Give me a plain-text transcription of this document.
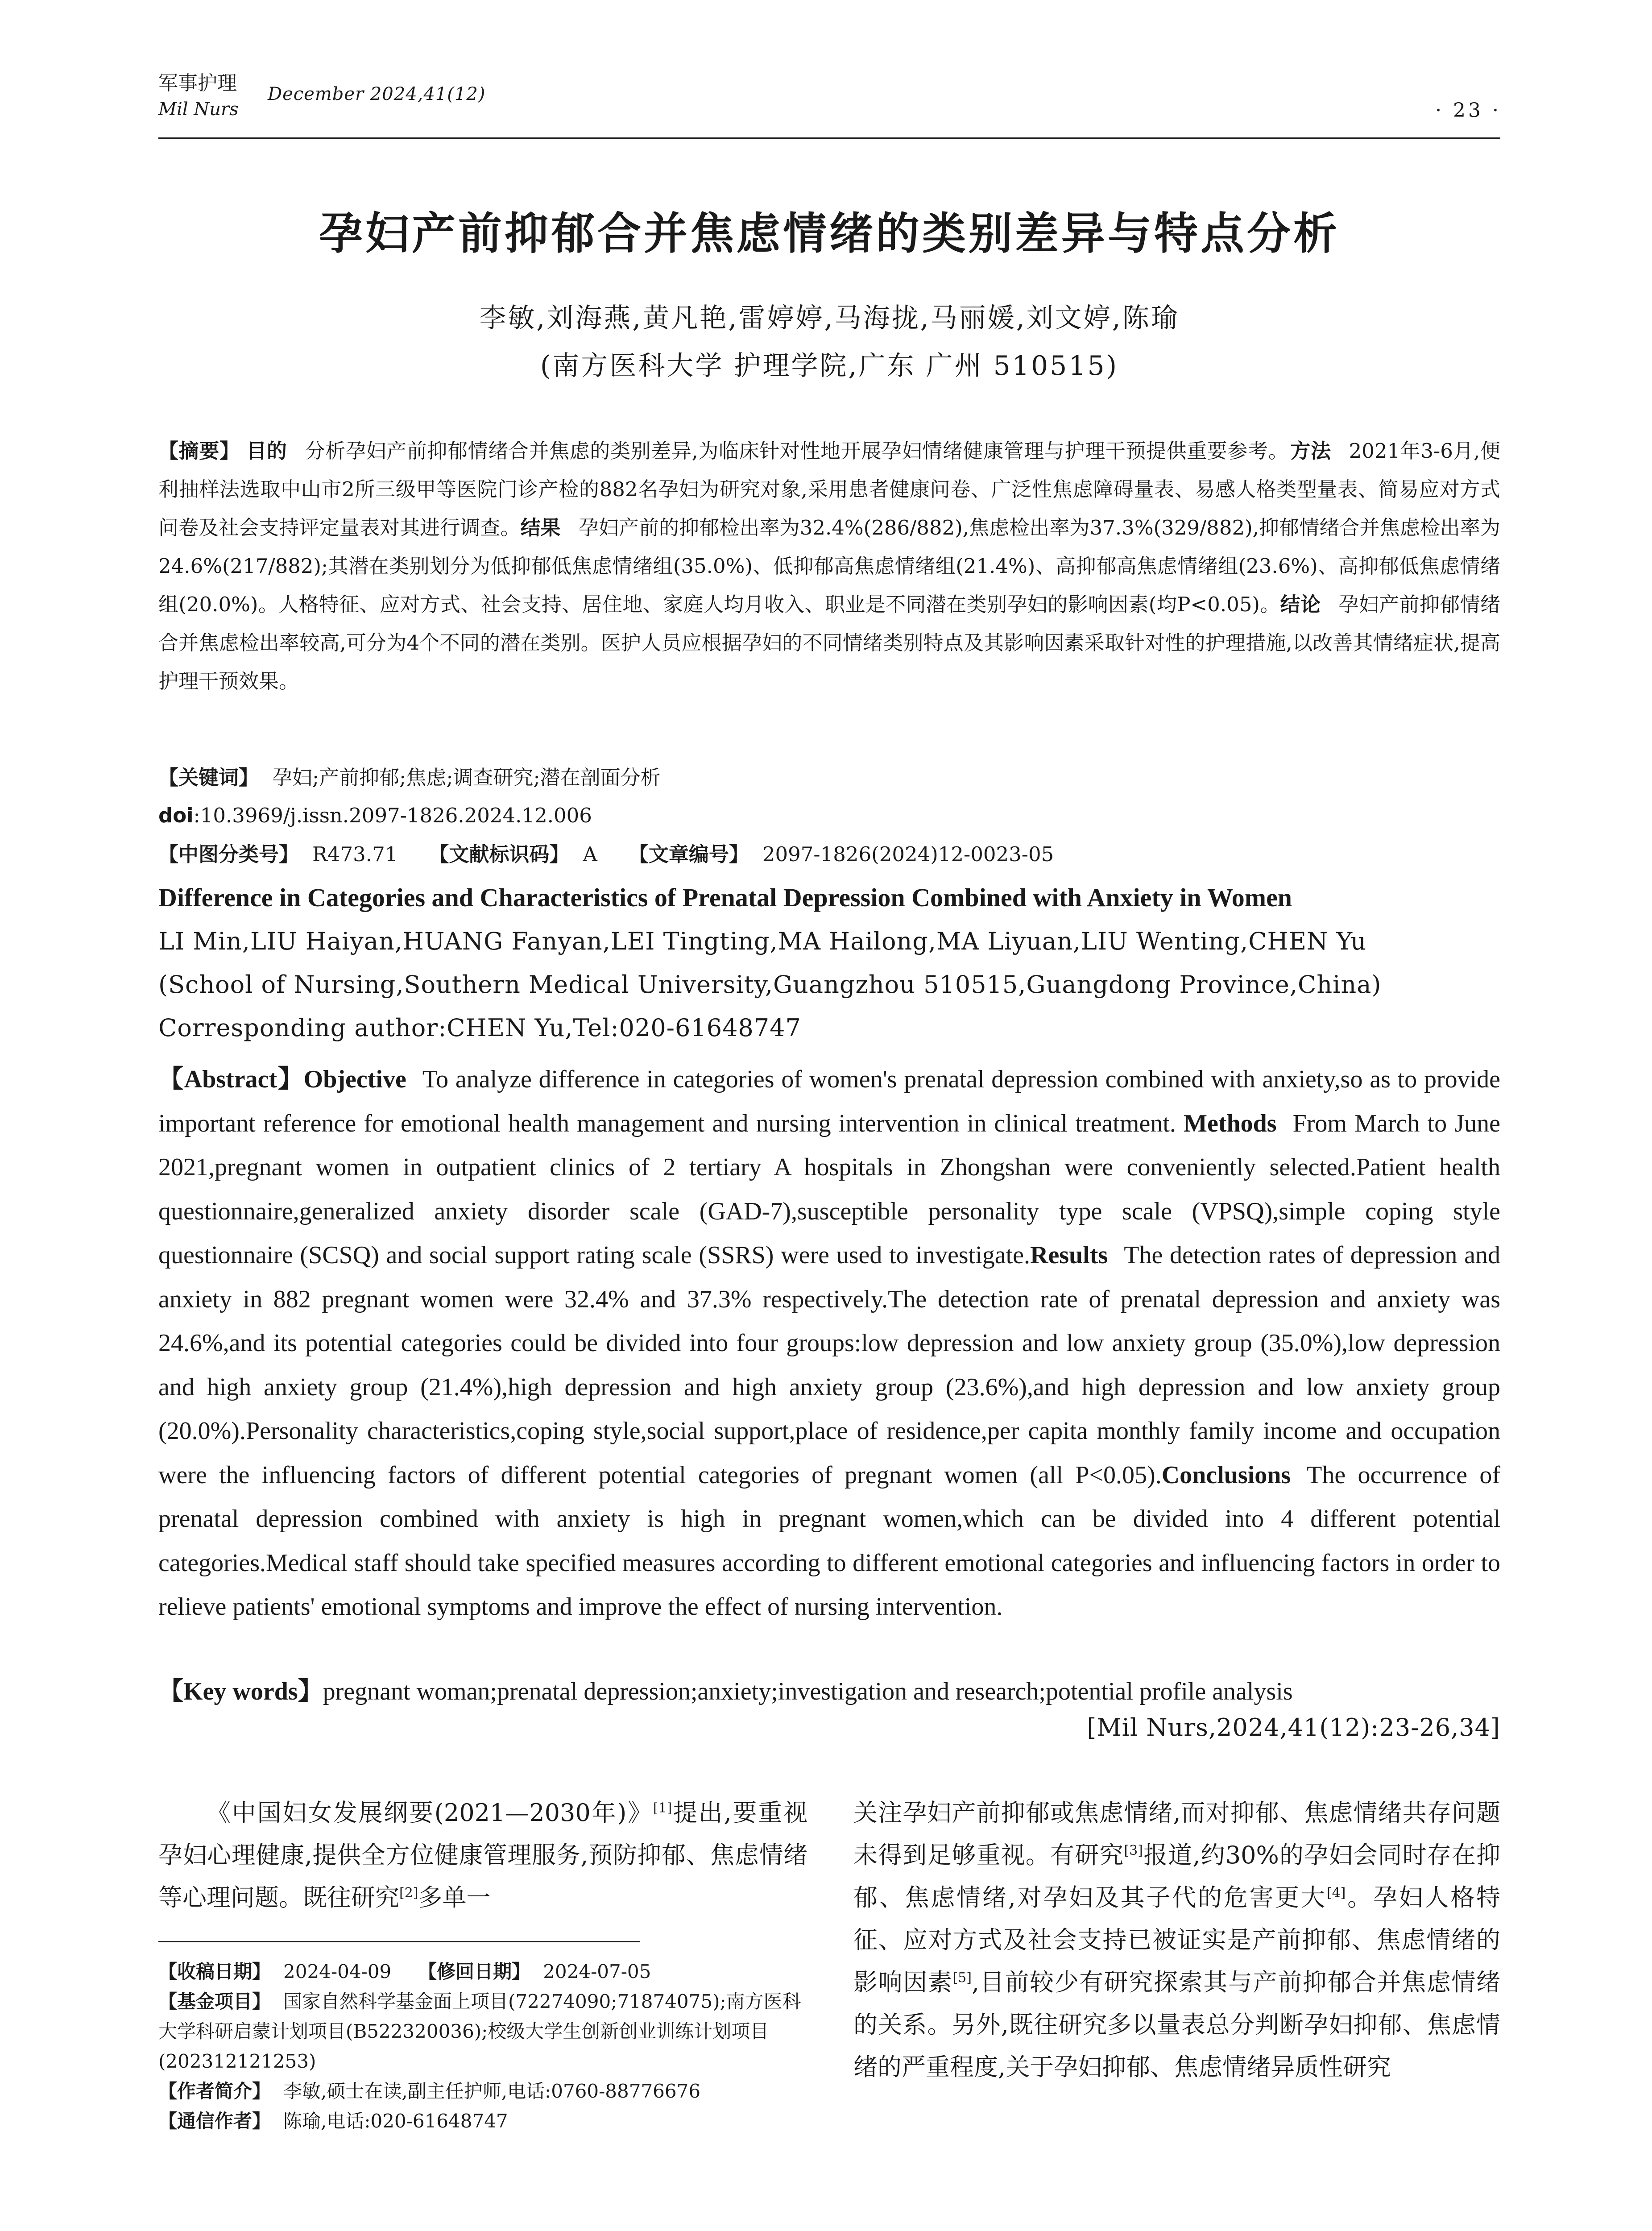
军事护理
Mil Nurs
December 2024,41(12)
· 23 ·
孕妇产前抑郁合并焦虑情绪的类别差异与特点分析
李敏,刘海燕,黄凡艳,雷婷婷,马海拢,马丽媛,刘文婷,陈瑜
(南方医科大学 护理学院,广东 广州 510515)
【摘要】 目的 分析孕妇产前抑郁情绪合并焦虑的类别差异,为临床针对性地开展孕妇情绪健康管理与护理干预提供重要参考。方法 2021年3-6月,便利抽样法选取中山市2所三级甲等医院门诊产检的882名孕妇为研究对象,采用患者健康问卷、广泛性焦虑障碍量表、易感人格类型量表、简易应对方式问卷及社会支持评定量表对其进行调查。结果 孕妇产前的抑郁检出率为32.4%(286/882),焦虑检出率为37.3%(329/882),抑郁情绪合并焦虑检出率为24.6%(217/882);其潜在类别划分为低抑郁低焦虑情绪组(35.0%)、低抑郁高焦虑情绪组(21.4%)、高抑郁高焦虑情绪组(23.6%)、高抑郁低焦虑情绪组(20.0%)。人格特征、应对方式、社会支持、居住地、家庭人均月收入、职业是不同潜在类别孕妇的影响因素(均P<0.05)。结论 孕妇产前抑郁情绪合并焦虑检出率较高,可分为4个不同的潜在类别。医护人员应根据孕妇的不同情绪类别特点及其影响因素采取针对性的护理措施,以改善其情绪症状,提高护理干预效果。
【关键词】 孕妇;产前抑郁;焦虑;调查研究;潜在剖面分析
doi:10.3969/j.issn.2097-1826.2024.12.006
【中图分类号】 R473.71 【文献标识码】 A 【文章编号】 2097-1826(2024)12-0023-05
Difference in Categories and Characteristics of Prenatal Depression Combined with Anxiety in Women
LI Min,LIU Haiyan,HUANG Fanyan,LEI Tingting,MA Hailong,MA Liyuan,LIU Wenting,CHEN Yu
(School of Nursing,Southern Medical University,Guangzhou 510515,Guangdong Province,China)
Corresponding author:CHEN Yu,Tel:020-61648747
【Abstract】Objective To analyze difference in categories of women's prenatal depression combined with anxiety,so as to provide important reference for emotional health management and nursing intervention in clinical treatment. Methods From March to June 2021,pregnant women in outpatient clinics of 2 tertiary A hospitals in Zhongshan were conveniently selected.Patient health questionnaire,generalized anxiety disorder scale (GAD-7),susceptible personality type scale (VPSQ),simple coping style questionnaire (SCSQ) and social support rating scale (SSRS) were used to investigate.Results The detection rates of depression and anxiety in 882 pregnant women were 32.4% and 37.3% respectively.The detection rate of prenatal depression and anxiety was 24.6%,and its potential categories could be divided into four groups:low depression and low anxiety group (35.0%),low depression and high anxiety group (21.4%),high depression and high anxiety group (23.6%),and high depression and low anxiety group (20.0%).Personality characteristics,coping style,social support,place of residence,per capita monthly family income and occupation were the influencing factors of different potential categories of pregnant women (all P<0.05).Conclusions The occurrence of prenatal depression combined with anxiety is high in pregnant women,which can be divided into 4 different potential categories.Medical staff should take specified measures according to different emotional categories and influencing factors in order to relieve patients' emotional symptoms and improve the effect of nursing intervention.
【Key words】pregnant woman;prenatal depression;anxiety;investigation and research;potential profile analysis
[Mil Nurs,2024,41(12):23-26,34]
《中国妇女发展纲要(2021—2030年)》[1]提出,要重视孕妇心理健康,提供全方位健康管理服务,预防抑郁、焦虑情绪等心理问题。既往研究[2]多单一
【收稿日期】 2024-04-09 【修回日期】 2024-07-05
【基金项目】 国家自然科学基金面上项目(72274090;71874075);南方医科大学科研启蒙计划项目(B522320036);校级大学生创新创业训练计划项目(202312121253)
【作者简介】 李敏,硕士在读,副主任护师,电话:0760-88776676
【通信作者】 陈瑜,电话:020-61648747
关注孕妇产前抑郁或焦虑情绪,而对抑郁、焦虑情绪共存问题未得到足够重视。有研究[3]报道,约30%的孕妇会同时存在抑郁、焦虑情绪,对孕妇及其子代的危害更大[4]。孕妇人格特征、应对方式及社会支持已被证实是产前抑郁、焦虑情绪的影响因素[5],目前较少有研究探索其与产前抑郁合并焦虑情绪的关系。另外,既往研究多以量表总分判断孕妇抑郁、焦虑情绪的严重程度,关于孕妇抑郁、焦虑情绪异质性研究
